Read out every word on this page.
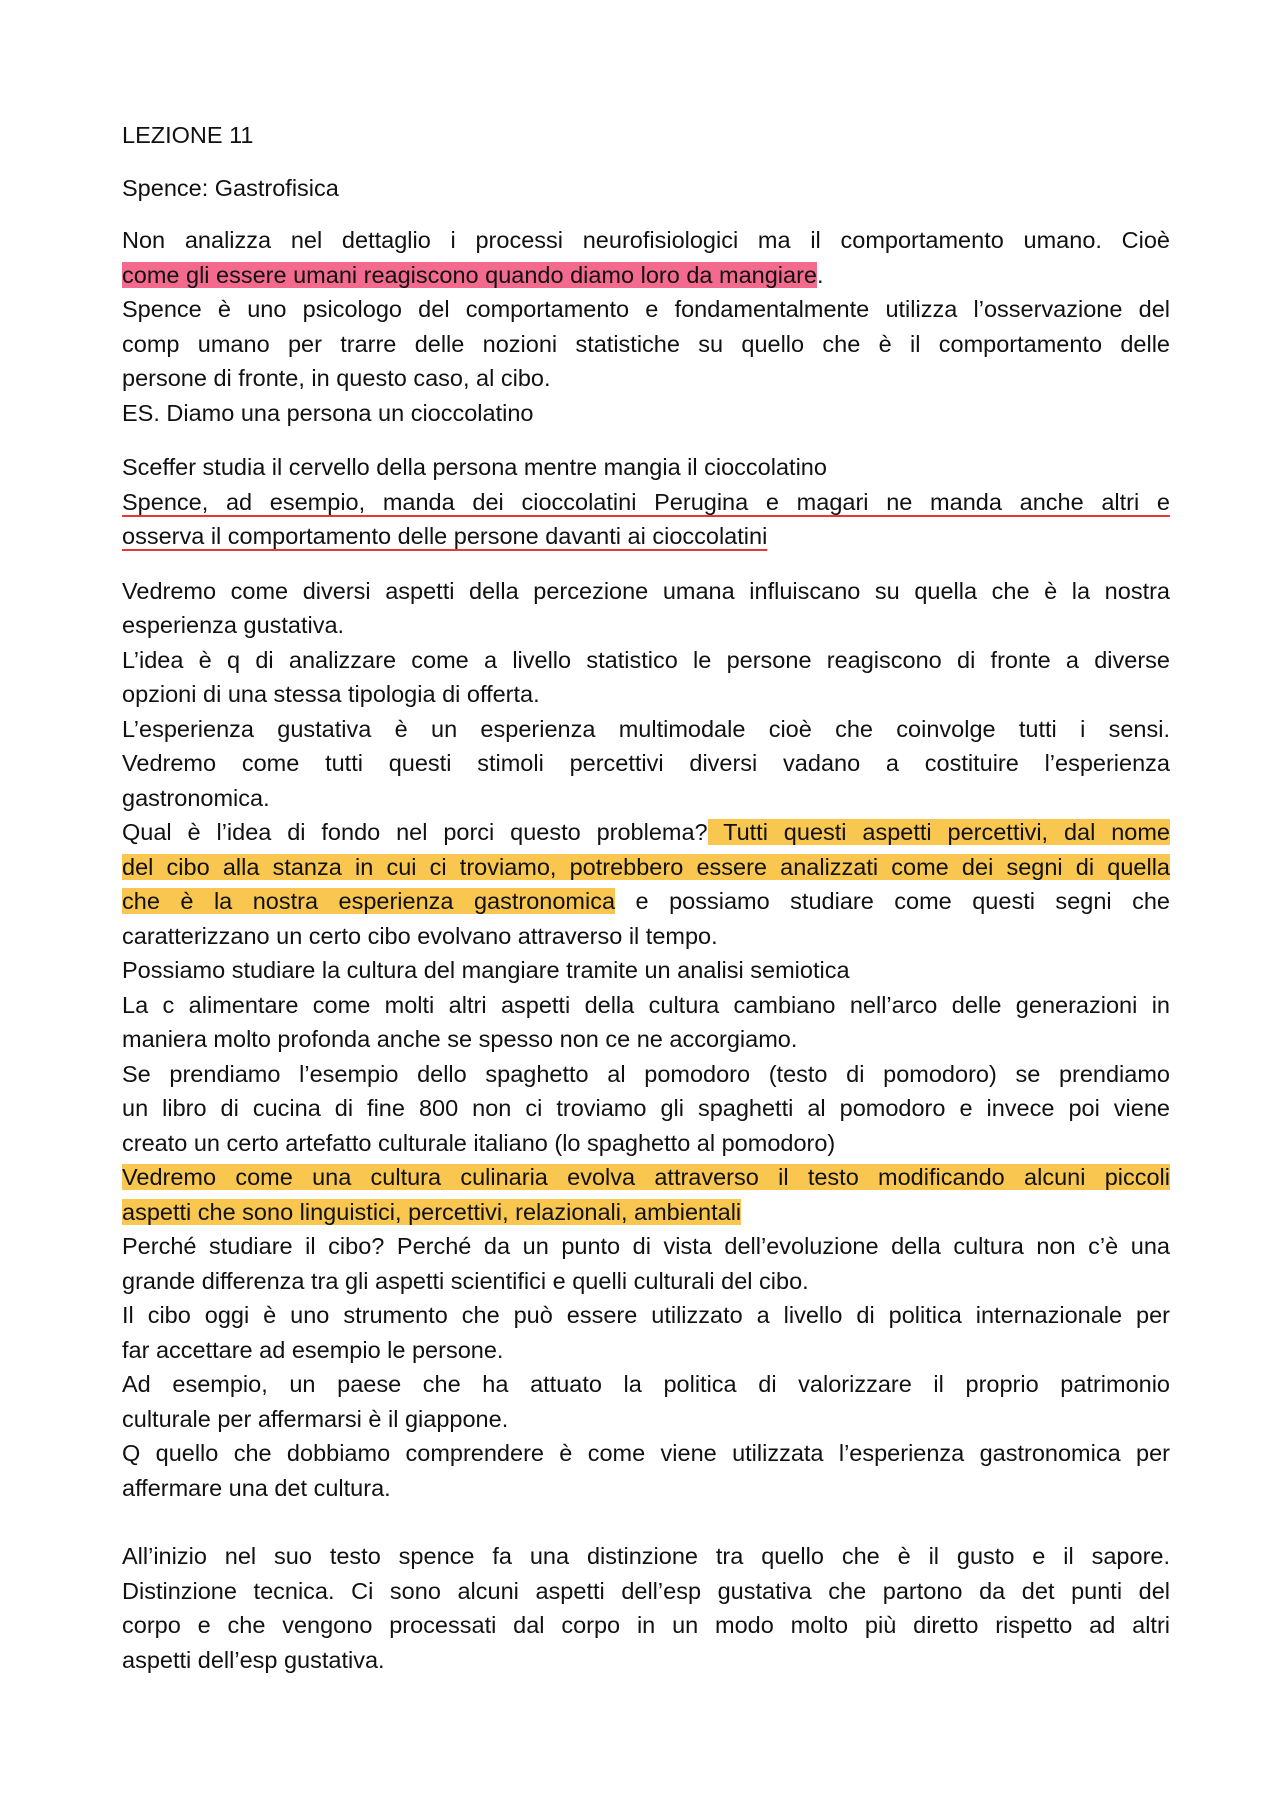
LEZIONE 11
Spence: Gastrofisica
Non analizza nel dettaglio i processi neurofisiologici ma il comportamento umano. Cioè
come gli essere umani reagiscono quando diamo loro da mangiare.
Spence è uno psicologo del comportamento e fondamentalmente utilizza l’osservazione del
comp umano per trarre delle nozioni statistiche su quello che è il comportamento delle
persone di fronte, in questo caso, al cibo.
ES. Diamo una persona un cioccolatino
Sceffer studia il cervello della persona mentre mangia il cioccolatino
Spence, ad esempio, manda dei cioccolatini Perugina e magari ne manda anche altri e
osserva il comportamento delle persone davanti ai cioccolatini
Vedremo come diversi aspetti della percezione umana influiscano su quella che è la nostra
esperienza gustativa.
L’idea è q di analizzare come a livello statistico le persone reagiscono di fronte a diverse
opzioni di una stessa tipologia di offerta.
L’esperienza gustativa è un esperienza multimodale cioè che coinvolge tutti i sensi.
Vedremo come tutti questi stimoli percettivi diversi vadano a costituire l’esperienza
gastronomica.
Qual è l’idea di fondo nel porci questo problema? Tutti questi aspetti percettivi, dal nome
del cibo alla stanza in cui ci troviamo, potrebbero essere analizzati come dei segni di quella
che è la nostra esperienza gastronomica e possiamo studiare come questi segni che
caratterizzano un certo cibo evolvano attraverso il tempo.
Possiamo studiare la cultura del mangiare tramite un analisi semiotica
La c alimentare come molti altri aspetti della cultura cambiano nell’arco delle generazioni in
maniera molto profonda anche se spesso non ce ne accorgiamo.
Se prendiamo l’esempio dello spaghetto al pomodoro (testo di pomodoro) se prendiamo
un libro di cucina di fine 800 non ci troviamo gli spaghetti al pomodoro e invece poi viene
creato un certo artefatto culturale italiano (lo spaghetto al pomodoro)
Vedremo come una cultura culinaria evolva attraverso il testo modificando alcuni piccoli
aspetti che sono linguistici, percettivi, relazionali, ambientali
Perché studiare il cibo? Perché da un punto di vista dell’evoluzione della cultura non c’è una
grande differenza tra gli aspetti scientifici e quelli culturali del cibo.
Il cibo oggi è uno strumento che può essere utilizzato a livello di politica internazionale per
far accettare ad esempio le persone.
Ad esempio, un paese che ha attuato la politica di valorizzare il proprio patrimonio
culturale per affermarsi è il giappone.
Q quello che dobbiamo comprendere è come viene utilizzata l’esperienza gastronomica per
affermare una det cultura.
All’inizio nel suo testo spence fa una distinzione tra quello che è il gusto e il sapore.
Distinzione tecnica. Ci sono alcuni aspetti dell’esp gustativa che partono da det punti del
corpo e che vengono processati dal corpo in un modo molto più diretto rispetto ad altri
aspetti dell’esp gustativa.
